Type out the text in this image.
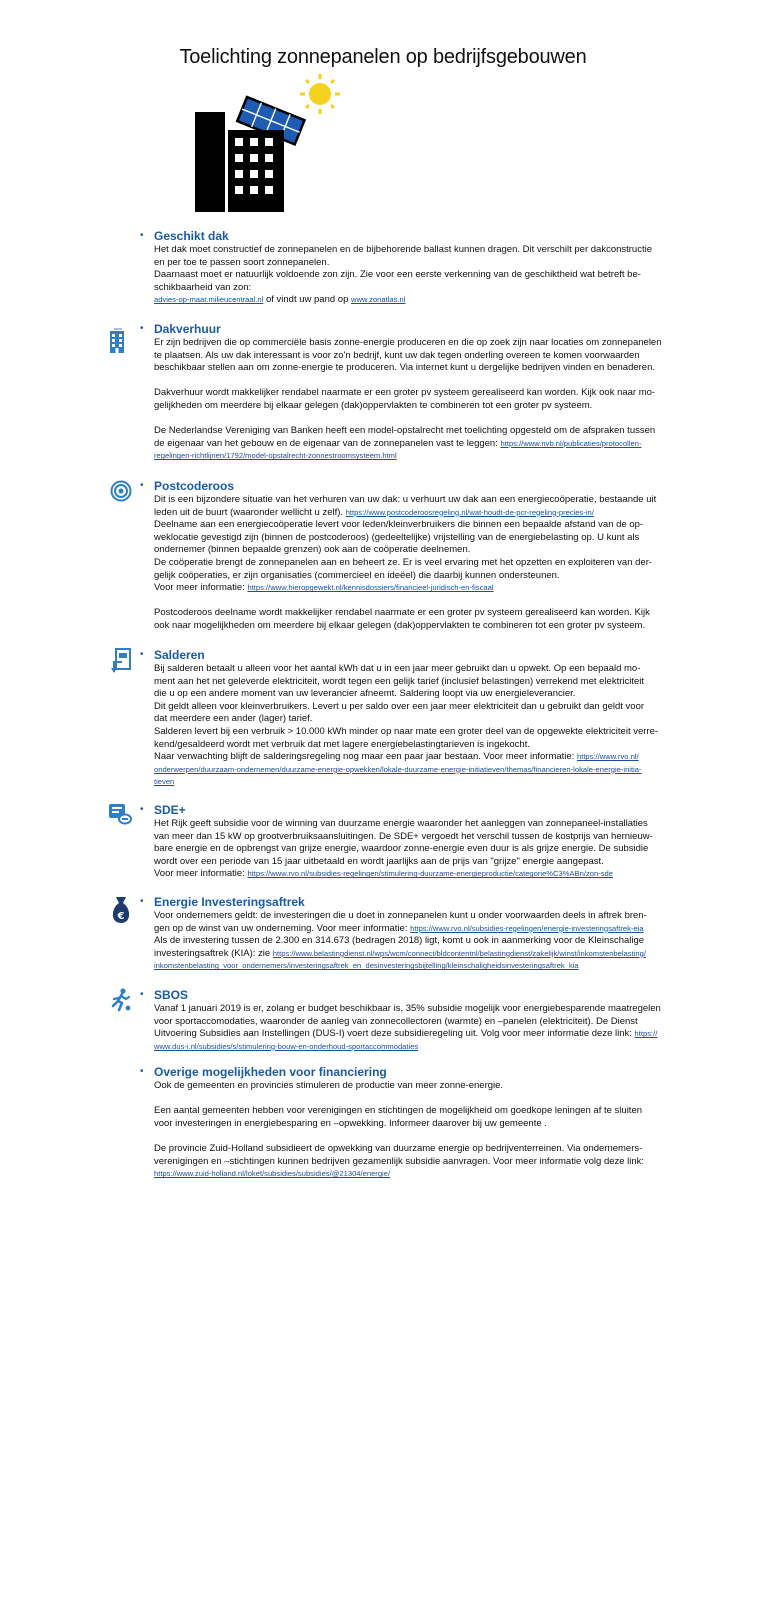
Toelichting zonnepanelen op bedrijfsgebouwen
• Geschikt dak

Het dak moet constructief de zonnepanelen en de bijbehorende ballast kunnen dragen. Dit verschilt per dakconstructie

en per toe te passen soort zonnepanelen.

Daarnaast moet er natuurlijk voldoende zon zijn. Zie voor een eerste verkenning van de geschiktheid wat betreft be-

schikbaarheid van zon:

advies-op-maat.milieucentraal.nl of vindt uw pand op www.zonatlas.nl

• Dakverhuur

Er zijn bedrijven die op commerciële basis zonne-energie produceren en die op zoek zijn naar locaties om zonnepanelen

te plaatsen. Als uw dak interessant is voor zo'n bedrijf, kunt uw dak tegen onderling overeen te komen voorwaarden

beschikbaar stellen aan om zonne-energie te produceren. Via internet kunt u dergelijke bedrijven vinden en benaderen.

Dakverhuur wordt makkelijker rendabel naarmate er een groter pv systeem gerealiseerd kan worden. Kijk ook naar mo-

gelijkheden om meerdere bij elkaar gelegen (dak)oppervlakten te combineren tot een groter pv systeem.

De Nederlandse Vereniging van Banken heeft een model-opstalrecht met toelichting opgesteld om de afspraken tussen

de eigenaar van het gebouw en de eigenaar van de zonnepanelen vast te leggen: https://www.nvb.nl/publicaties/protocollen-

regelingen-richtlijnen/1792/model-opstalrecht-zonnestroomsysteem.html

• Postcoderoos

Dit is een bijzondere situatie van het verhuren van uw dak: u verhuurt uw dak aan een energiecoöperatie, bestaande uit

leden uit de buurt (waaronder wellicht u zelf). https://www.postcoderoosregeling.nl/wat-houdt-de-pcr-regeling-precies-in/

Deelname aan een energiecoöperatie levert voor leden/kleinverbruikers die binnen een bepaalde afstand van de op-

weklocatie gevestigd zijn (binnen de postcoderoos) (gedeeltelijke) vrijstelling van de energiebelasting op. U kunt als

ondernemer (binnen bepaalde grenzen) ook aan de coöperatie deelnemen.

De coöperatie brengt de zonnepanelen aan en beheert ze. Er is veel ervaring met het opzetten en exploiteren van der-

gelijk coöperaties, er zijn organisaties (commercieel en ideëel) die daarbij kunnen ondersteunen.

Voor meer informatie: https://www.hieropgewekt.nl/kennisdossiers/financieel-juridisch-en-fiscaal

Postcoderoos deelname wordt makkelijker rendabel naarmate er een groter pv systeem gerealiseerd kan worden. Kijk

ook naar mogelijkheden om meerdere bij elkaar gelegen (dak)oppervlakten te combineren tot een groter pv systeem.

• Salderen

Bij salderen betaalt u alleen voor het aantal kWh dat u in een jaar meer gebruikt dan u opwekt. Op een bepaald mo-

ment aan het net geleverde elektriciteit, wordt tegen een gelijk tarief (inclusief belastingen) verrekend met elektriciteit

die u op een andere moment van uw leverancier afneemt. Saldering loopt via uw energieleverancier.

Dit geldt alleen voor kleinverbruikers. Levert u per saldo over een jaar meer elektriciteit dan u gebruikt dan geldt voor

dat meerdere een ander (lager) tarief.

Salderen levert bij een verbruik > 10.000 kWh minder op naar mate een groter deel van de opgewekte elektriciteit verre-

kend/gesaldeerd wordt met verbruik dat met lagere energiebelastingtarieven is ingekocht.

Naar verwachting blijft de salderingsregeling nog maar een paar jaar bestaan. Voor meer informatie: https://www.rvo.nl/

onderwerpen/duurzaam-ondernemen/duurzame-energie-opwekken/lokale-duurzame-energie-initiatieven/themas/financieren-lokale-energie-initia-

tieven

• SDE+

Het Rijk geeft subsidie voor de winning van duurzame energie waaronder het aanleggen van zonnepaneel-installaties

van meer dan 15 kW op grootverbruiksaansluitingen. De SDE+ vergoedt het verschil tussen de kostprijs van hernieuw-

bare energie en de opbrengst van grijze energie, waardoor zonne-energie even duur is als grijze energie. De subsidie

wordt over een periode van 15 jaar uitbetaald en wordt jaarlijks aan de prijs van "grijze" energie aangepast.

Voor meer informatie: https://www.rvo.nl/subsidies-regelingen/stimulering-duurzame-energieproductie/categorie%C3%ABn/zon-sde

€
• Energie Investeringsaftrek

Voor ondernemers geldt: de investeringen die u doet in zonnepanelen kunt u onder voorwaarden deels in aftrek bren-

gen op de winst van uw onderneming. Voor meer informatie: https://www.rvo.nl/subsidies-regelingen/energie-investeringsaftrek-eia

Als de investering tussen de 2.300 en 314.673 (bedragen 2018) ligt, komt u ook in aanmerking voor de Kleinschalige

investeringsaftrek (KIA): zie https://www.belastingdienst.nl/wps/wcm/connect/bldcontentnl/belastingdienst/zakelijk/winst/inkomstenbelasting/

inkomstenbelasting_voor_ondernemers/investeringsaftrek_en_desinvesteringsbijtelling/kleinschaligheidsinvesteringsaftrek_kia

• SBOS

Vanaf 1 januari 2019 is er, zolang er budget beschikbaar is, 35% subsidie mogelijk voor energiebesparende maatregelen

voor sportaccomodaties, waaronder de aanleg van zonnecollectoren (warmte) en –panelen (elektriciteit). De Dienst

Uitvoering Subsidies aan Instellingen (DUS-I) voert deze subsidieregeling uit. Volg voor meer informatie deze link: https://

www.dus-i.nl/subsidies/s/stimulering-bouw-en-onderhoud-sportaccommodaties

• Overige mogelijkheden voor financiering

Ook de gemeenten en provincies stimuleren de productie van meer zonne-energie.

Een aantal gemeenten hebben voor verenigingen en stichtingen de mogelijkheid om goedkope leningen af te sluiten

voor investeringen in energiebesparing en –opwekking. Informeer daarover bij uw gemeente .

De provincie Zuid-Holland subsidieert de opwekking van duurzame energie op bedrijventerreinen. Via ondernemers-

verenigingen en –stichtingen kunnen bedrijven gezamenlijk subsidie aanvragen. Voor meer informatie volg deze link:

https://www.zuid-holland.nl/loket/subsidies/subsidies/@21304/energie/
